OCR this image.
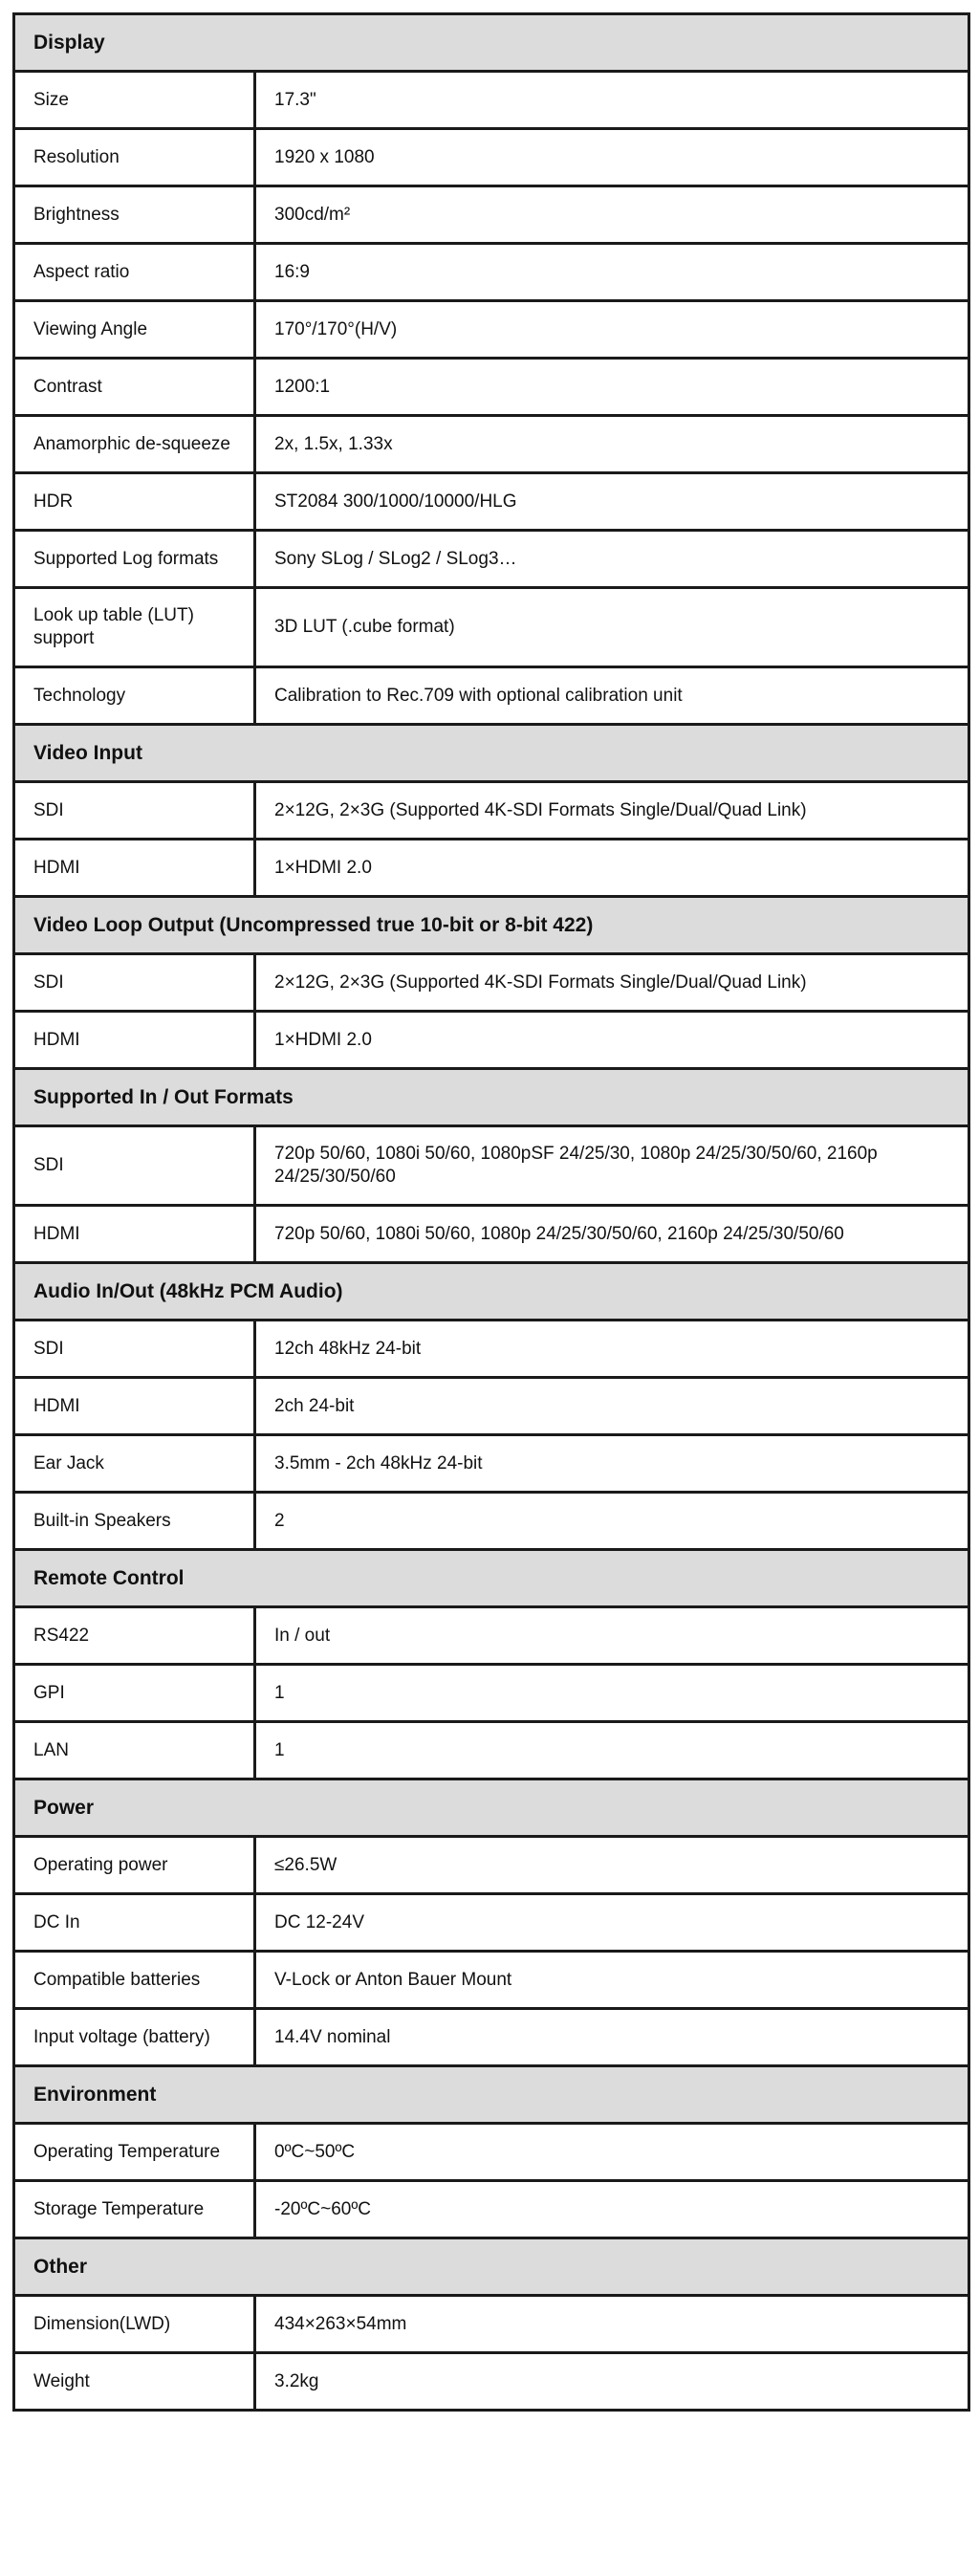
Display	
Size	17.3"
Resolution	1920 x 1080
Brightness	300cd/m²
Aspect ratio	16:9
Viewing Angle	170°/170°(H/V)
Contrast	1200:1
Anamorphic de-squeeze	2x, 1.5x, 1.33x
HDR	ST2084 300/1000/10000/HLG
Supported Log formats	Sony SLog / SLog2 / SLog3…
Look up table (LUT) support	3D LUT (.cube format)
Technology	Calibration to Rec.709 with optional calibration unit
Video Input	
SDI	2×12G, 2×3G (Supported 4K-SDI Formats Single/Dual/Quad Link)
HDMI	1×HDMI 2.0
Video Loop Output (Uncompressed true 10-bit or 8-bit 422)	
SDI	2×12G, 2×3G (Supported 4K-SDI Formats Single/Dual/Quad Link)
HDMI	1×HDMI 2.0
Supported In / Out Formats	
SDI	720p 50/60, 1080i 50/60, 1080pSF 24/25/30, 1080p 24/25/30/50/60, 2160p 24/25/30/50/60
HDMI	720p 50/60, 1080i 50/60, 1080p 24/25/30/50/60, 2160p 24/25/30/50/60
Audio In/Out (48kHz PCM Audio)	
SDI	12ch 48kHz 24-bit
HDMI	2ch 24-bit
Ear Jack	3.5mm - 2ch 48kHz 24-bit
Built-in Speakers	2
Remote Control	
RS422	In / out
GPI	1
LAN	1
Power	
Operating power	≤26.5W
DC In	DC 12-24V
Compatible batteries	V-Lock or Anton Bauer Mount
Input voltage (battery)	14.4V nominal
Environment	
Operating Temperature	0ºC~50ºC
Storage Temperature	-20ºC~60ºC
Other	
Dimension(LWD)	434×263×54mm
Weight	3.2kg
